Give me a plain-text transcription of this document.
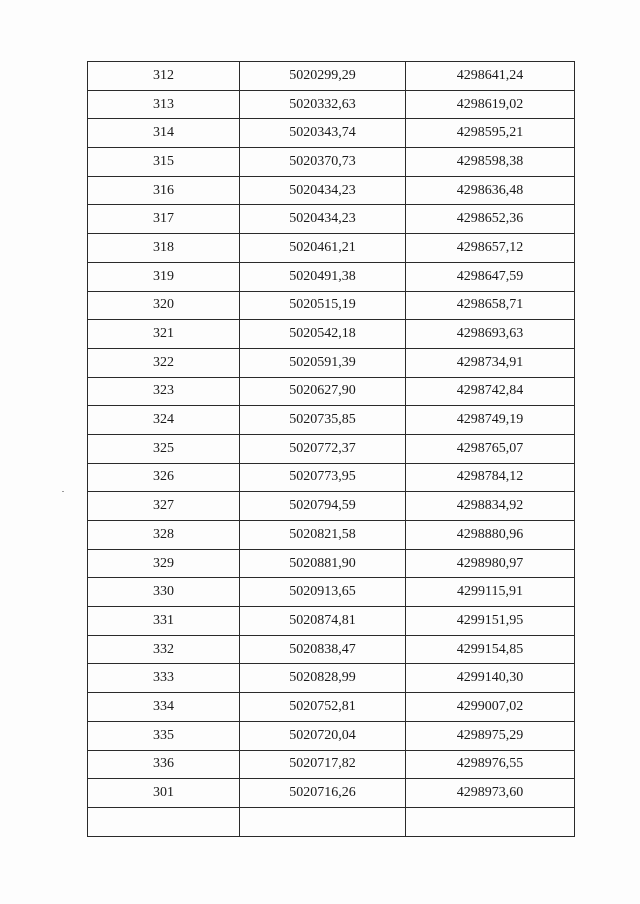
312	5020299,29	4298641,24
313	5020332,63	4298619,02
314	5020343,74	4298595,21
315	5020370,73	4298598,38
316	5020434,23	4298636,48
317	5020434,23	4298652,36
318	5020461,21	4298657,12
319	5020491,38	4298647,59
320	5020515,19	4298658,71
321	5020542,18	4298693,63
322	5020591,39	4298734,91
323	5020627,90	4298742,84
324	5020735,85	4298749,19
325	5020772,37	4298765,07
326	5020773,95	4298784,12
327	5020794,59	4298834,92
328	5020821,58	4298880,96
329	5020881,90	4298980,97
330	5020913,65	4299115,91
331	5020874,81	4299151,95
332	5020838,47	4299154,85
333	5020828,99	4299140,30
334	5020752,81	4299007,02
335	5020720,04	4298975,29
336	5020717,82	4298976,55
301	5020716,26	4298973,60
